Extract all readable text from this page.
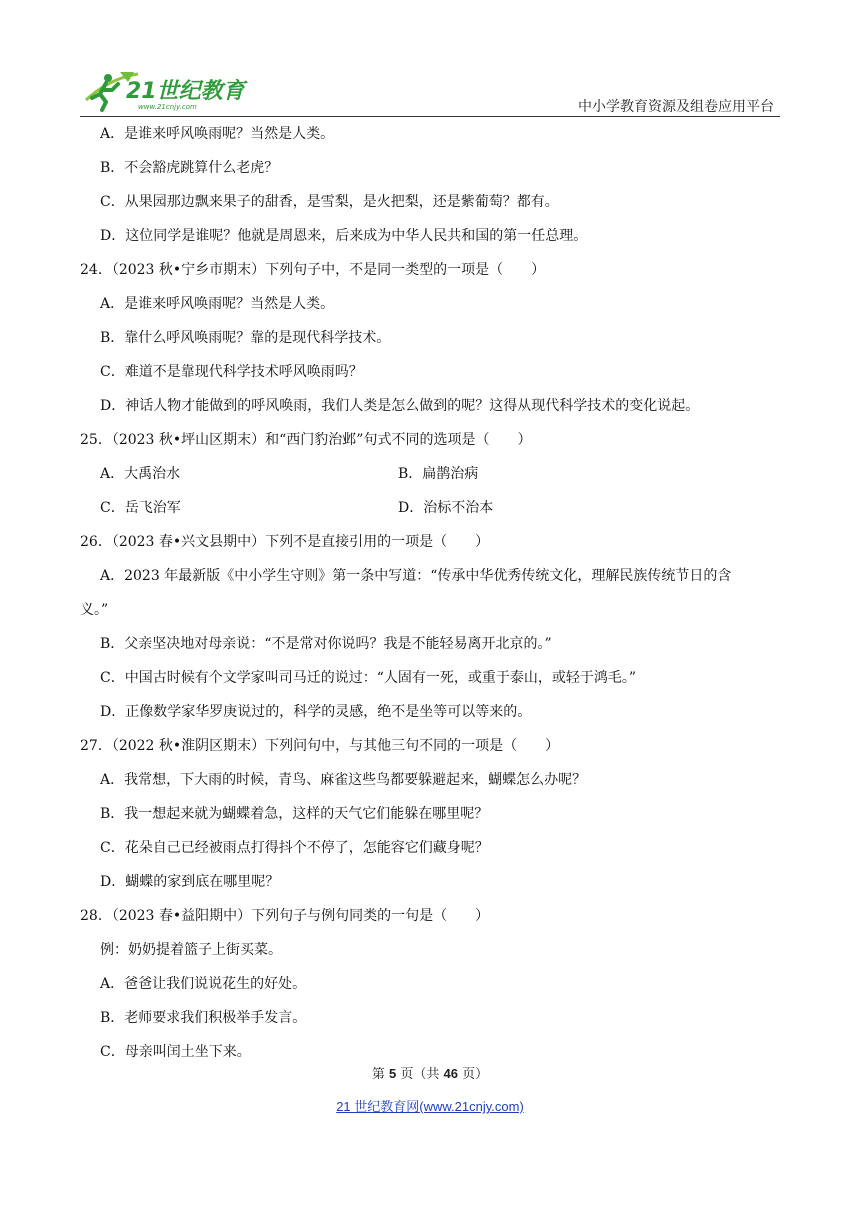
21世纪教育
www.21cnjy.com	中小学教育资源及组卷应用平台
A．是谁来呼风唤雨呢？当然是人类。
B．不会豁虎跳算什么老虎？
C．从果园那边飘来果子的甜香，是雪梨，是火把梨，还是紫葡萄？都有。
D．这位同学是谁呢？他就是周恩来，后来成为中华人民共和国的第一任总理。
24．（2023 秋•宁乡市期末）下列句子中，不是同一类型的一项是（　　）
A．是谁来呼风唤雨呢？当然是人类。
B．靠什么呼风唤雨呢？靠的是现代科学技术。
C．难道不是靠现代科学技术呼风唤雨吗？
D．神话人物才能做到的呼风唤雨，我们人类是怎么做到的呢？这得从现代科学技术的变化说起。
25．（2023 秋•坪山区期末）和“西门豹治邺”句式不同的选项是（　　）
A．大禹治水	B．扁鹊治病
C．岳飞治军	D．治标不治本
26．（2023 春•兴文县期中）下列不是直接引用的一项是（　　）
A．2023 年最新版《中小学生守则》第一条中写道：“传承中华优秀传统文化，理解民族传统节日的含
义。”
B．父亲坚决地对母亲说：“不是常对你说吗？我是不能轻易离开北京的。”
C．中国古时候有个文学家叫司马迁的说过：“人固有一死，或重于泰山，或轻于鸿毛。”
D．正像数学家华罗庚说过的，科学的灵感，绝不是坐等可以等来的。
27．（2022 秋•淮阴区期末）下列问句中，与其他三句不同的一项是（　　）
A．我常想，下大雨的时候，青鸟、麻雀这些鸟都要躲避起来，蝴蝶怎么办呢？
B．我一想起来就为蝴蝶着急，这样的天气它们能躲在哪里呢？
C．花朵自己已经被雨点打得抖个不停了，怎能容它们藏身呢？
D．蝴蝶的家到底在哪里呢？
28．（2023 春•益阳期中）下列句子与例句同类的一句是（　　）
例：奶奶提着篮子上街买菜。
A．爸爸让我们说说花生的好处。
B．老师要求我们积极举手发言。
C．母亲叫闰土坐下来。
第 5 页（共 46 页）
21 世纪教育网(www.21cnjy.com)
